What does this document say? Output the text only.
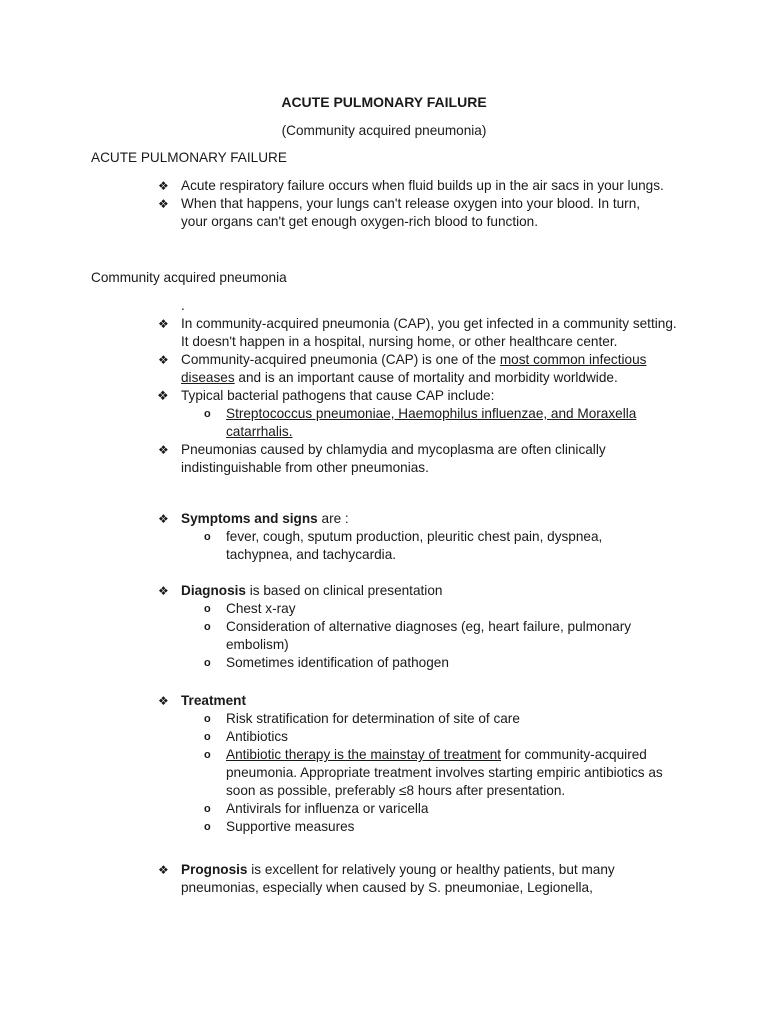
ACUTE PULMONARY FAILURE
(Community acquired pneumonia)
ACUTE PULMONARY FAILURE
❖ Acute respiratory failure occurs when fluid builds up in the air sacs in your lungs.
❖ When that happens, your lungs can't release oxygen into your blood. In turn, your organs can't get enough oxygen-rich blood to function.
Community acquired pneumonia
.
❖ In community-acquired pneumonia (CAP), you get infected in a community setting. It doesn't happen in a hospital, nursing home, or other healthcare center.
❖ Community-acquired pneumonia (CAP) is one of the most common infectious diseases and is an important cause of mortality and morbidity worldwide.
❖ Typical bacterial pathogens that cause CAP include:
o Streptococcus pneumoniae, Haemophilus influenzae, and Moraxella catarrhalis.
❖ Pneumonias caused by chlamydia and mycoplasma are often clinically indistinguishable from other pneumonias.
❖ Symptoms and signs are :
o fever, cough, sputum production, pleuritic chest pain, dyspnea, tachypnea, and tachycardia.
❖ Diagnosis is based on clinical presentation
o Chest x-ray
o Consideration of alternative diagnoses (eg, heart failure, pulmonary embolism)
o Sometimes identification of pathogen
❖ Treatment
o Risk stratification for determination of site of care
o Antibiotics
o Antibiotic therapy is the mainstay of treatment for community-acquired pneumonia. Appropriate treatment involves starting empiric antibiotics as soon as possible, preferably ≤8 hours after presentation.
o Antivirals for influenza or varicella
o Supportive measures
❖ Prognosis is excellent for relatively young or healthy patients, but many pneumonias, especially when caused by S. pneumoniae, Legionella,
